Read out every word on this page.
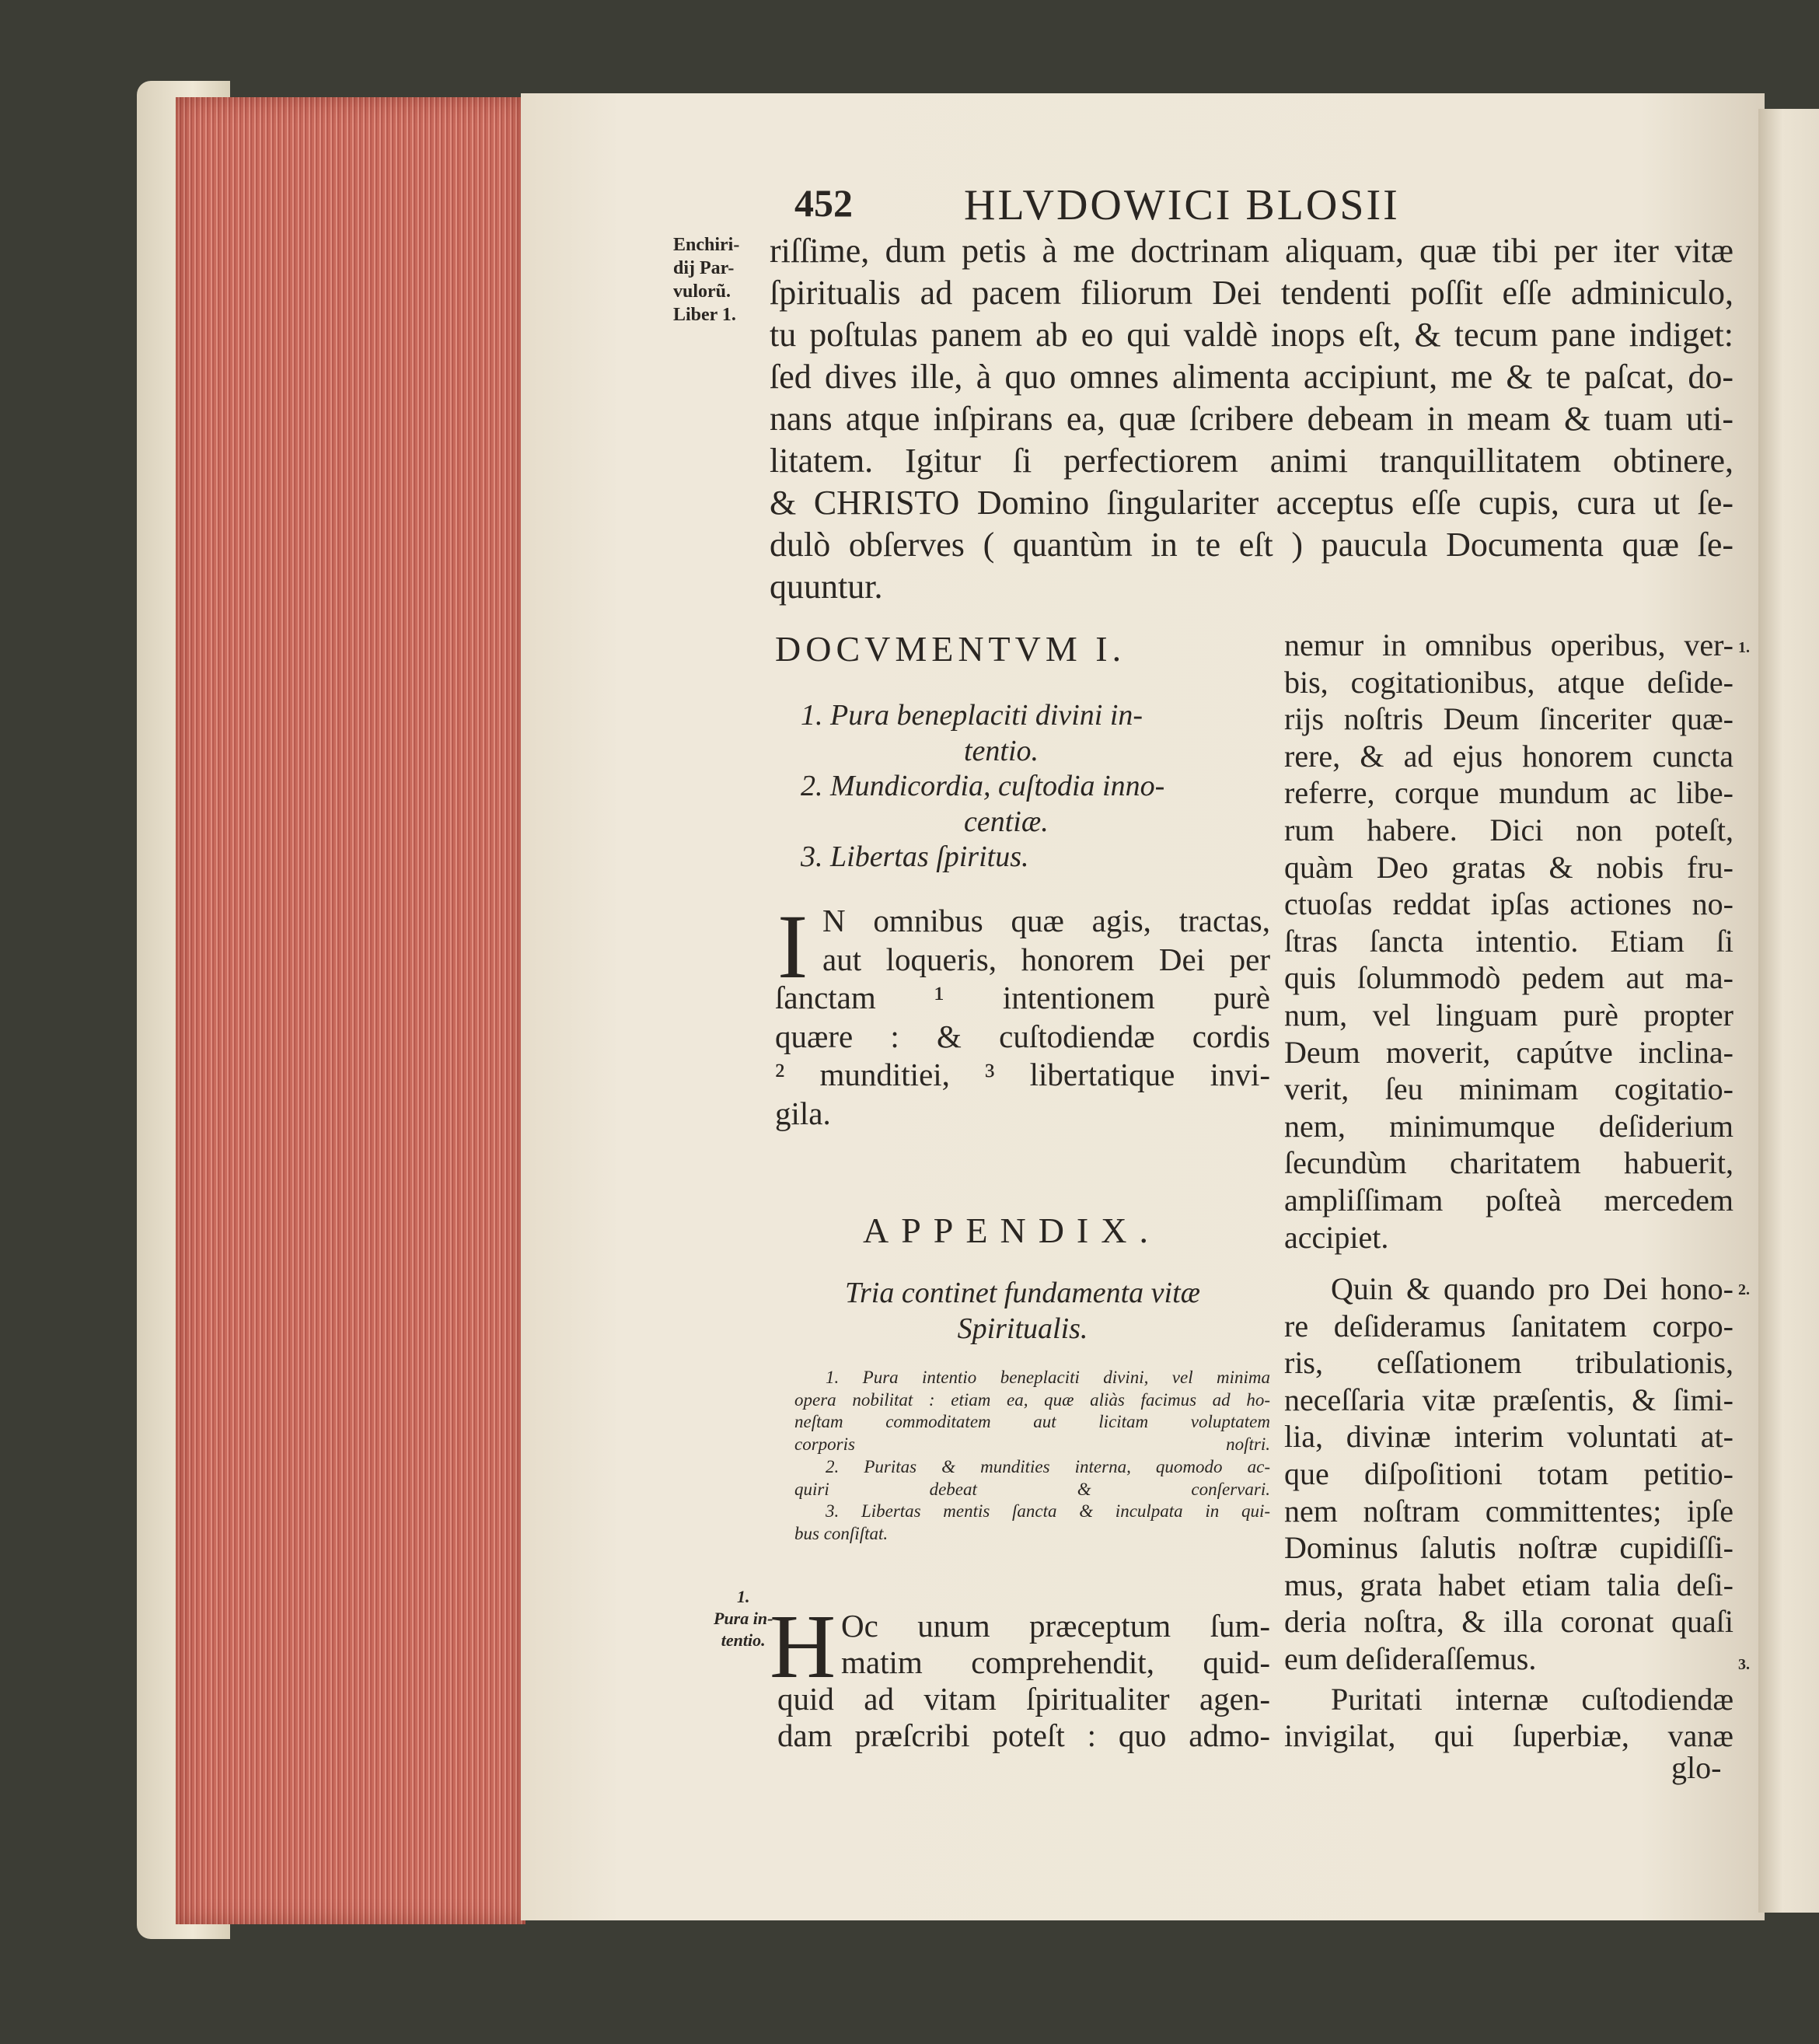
452	HLVDOWICI BLOSII
Enchiri-
dij Par-
vulorũ.
Liber 1.
riſſime, dum petis à me doctrinam aliquam, quæ tibi per iter vitæ
ſpiritualis ad pacem filiorum Dei tendenti poſſit eſſe adminiculo,
tu poſtulas panem ab eo qui valdè inops eſt, & tecum pane indiget:
ſed dives ille, à quo omnes alimenta accipiunt, me & te paſcat, do-
nans atque inſpirans ea, quæ ſcribere debeam in meam & tuam uti-
litatem. Igitur ſi perfectiorem animi tranquillitatem obtinere,
& CHRISTO Domino ſingulariter acceptus eſſe cupis, cura ut ſe-
dulò obſerves ( quantùm in te eſt ) paucula Documenta quæ ſe-
quuntur.
DOCVMENTVM I.
1. Pura beneplaciti divini in-
tentio.
2. Mundicordia, cuſtodia inno-
centiæ.
3. Libertas ſpiritus.
I N omnibus quæ agis, tractas,
aut loqueris, honorem Dei per
ſanctam ¹ intentionem purè
quære : & cuſtodiendæ cordis
² munditiei, ³ libertatique invi-
gila.
APPENDIX.
Tria continet fundamenta vitæ
Spiritualis.
1. Pura intentio beneplaciti divini, vel minima
opera nobilitat : etiam ea, quæ aliàs facimus ad ho-
neſtam commoditatem aut licitam voluptatem
corporis noſtri.
2. Puritas & mundities interna, quomodo ac-
quiri debeat & conſervari.
3. Libertas mentis ſancta & inculpata in qui-
bus conſiſtat.
1.
Pura in-
tentio. H Oc unum præceptum ſum-
matim comprehendit, quid-
quid ad vitam ſpiritualiter agen-
dam præſcribi poteſt : quo admo-
nemur in omnibus operibus, ver-
bis, cogitationibus, atque deſide-
rijs noſtris Deum ſinceriter quæ-
rere, & ad ejus honorem cuncta
referre, corque mundum ac libe-
rum habere. Dici non poteſt,
quàm Deo gratas & nobis fru-
ctuoſas reddat ipſas actiones no-
ſtras ſancta intentio. Etiam ſi
quis ſolummodò pedem aut ma-
num, vel linguam purè propter
Deum moverit, capútve inclina-
verit, ſeu minimam cogitatio-
nem, minimumque deſiderium
ſecundùm charitatem habuerit,
ampliſſimam poſteà mercedem
accipiet.
Quin & quando pro Dei hono-
re deſideramus ſanitatem corpo-
ris, ceſſationem tribulationis,
neceſſaria vitæ præſentis, & ſimi-
lia, divinæ interim voluntati at-
que diſpoſitioni totam petitio-
nem noſtram committentes; ipſe
Dominus ſalutis noſtræ cupidiſſi-
mus, grata habet etiam talia deſi-
deria noſtra, & illa coronat quaſi
eum deſideraſſemus.
Puritati internæ cuſtodiendæ
invigilat, qui ſuperbiæ, vanæ
1.
2.
3.
glo-
